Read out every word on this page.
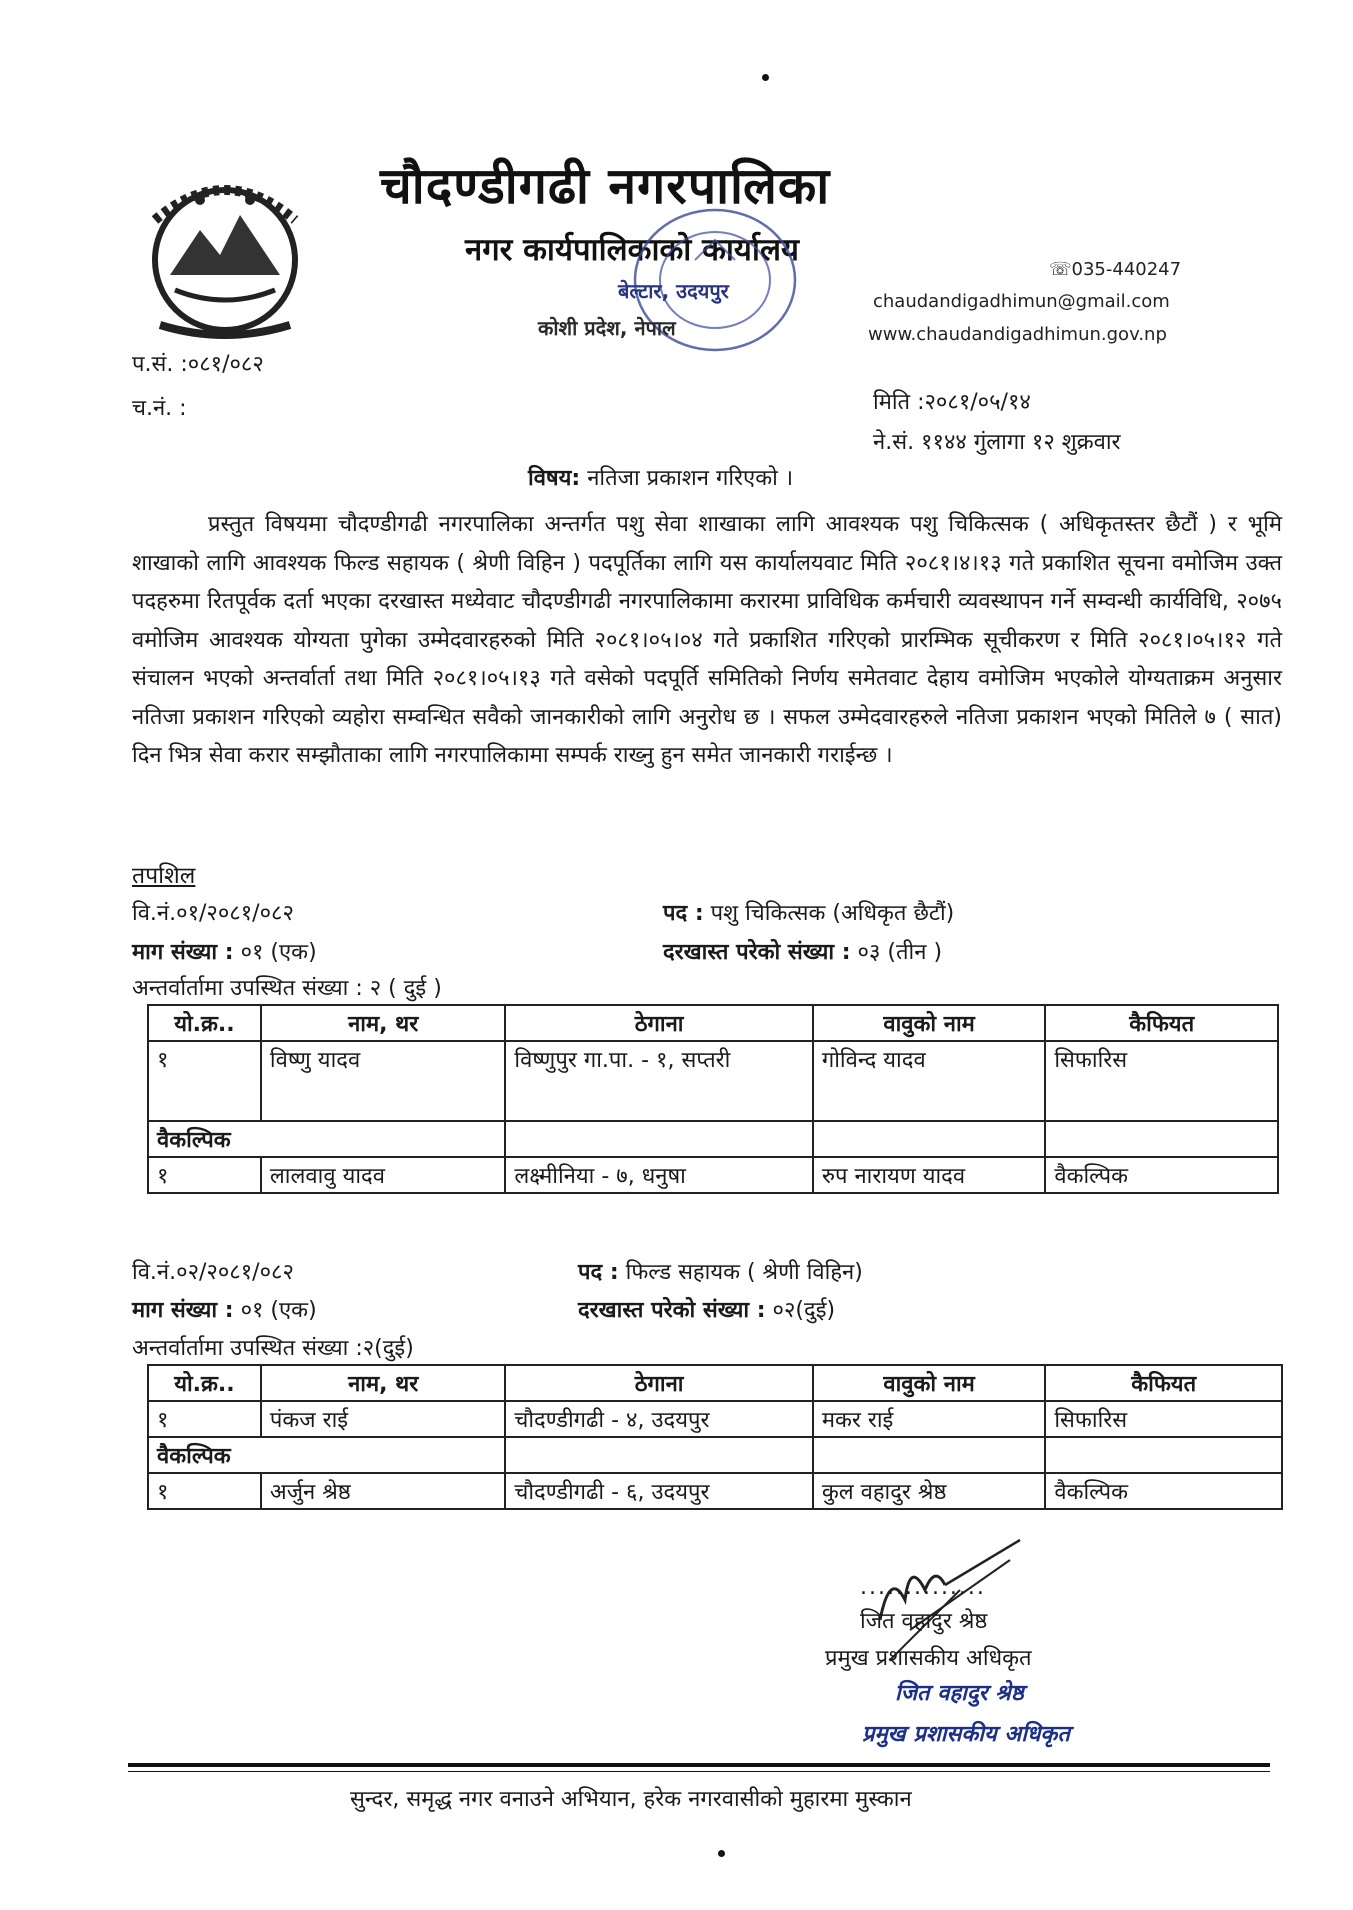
चौदण्डीगढी नगरपालिका
नगर कार्यपालिकाको कार्यालय
बेल्टार, उदयपुर
कोशी प्रदेश, नेपाल
☏035-440247
chaudandigadhimun@gmail.com
www.chaudandigadhimun.gov.np
प.सं. :०८१/०८२
च.नं. :	मिति :२०८१/०५/१४
ने.सं. ११४४ गुंलागा १२ शुक्रवार
विषय: नतिजा प्रकाशन गरिएको ।
प्रस्तुत विषयमा चौदण्डीगढी नगरपालिका अन्तर्गत पशु सेवा शाखाका लागि आवश्यक पशु चिकित्सक ( अधिकृतस्तर छैटौं ) र भूमि शाखाको लागि आवश्यक फिल्ड सहायक ( श्रेणी विहिन ) पदपूर्तिका लागि यस कार्यालयवाट मिति २०८१।४।१३ गते प्रकाशित सूचना वमोजिम उक्त पदहरुमा रितपूर्वक दर्ता भएका दरखास्त मध्येवाट चौदण्डीगढी नगरपालिकामा करारमा प्राविधिक कर्मचारी व्यवस्थापन गर्ने सम्वन्धी कार्यविधि, २०७५ वमोजिम आवश्यक योग्यता पुगेका उम्मेदवारहरुको मिति २०८१।०५।०४ गते प्रकाशित गरिएको प्रारम्भिक सूचीकरण र मिति २०८१।०५।१२ गते संचालन भएको अन्तर्वार्ता तथा मिति २०८१।०५।१३ गते वसेको पदपूर्ति समितिको निर्णय समेतवाट देहाय वमोजिम भएकोले योग्यताक्रम अनुसार नतिजा प्रकाशन गरिएको व्यहोरा सम्वन्धित सवैको जानकारीको लागि अनुरोध छ । सफल उम्मेदवारहरुले नतिजा प्रकाशन भएको मितिले ७ ( सात) दिन भित्र सेवा करार सम्झौताका लागि नगरपालिकामा सम्पर्क राख्नु हुन समेत जानकारी गराईन्छ ।
तपशिल
वि.नं.०१/२०८१/०८२	पद : पशु चिकित्सक (अधिकृत छैटौं)
माग संख्या : ०१ (एक)	दरखास्त परेको संख्या : ०३ (तीन )
अन्तर्वार्तामा उपस्थित संख्या : २ ( दुई )
यो.क्र..	नाम, थर	ठेगाना	वावुको नाम	कैफियत
१	विष्णु यादव	विष्णुपुर गा.पा. - १, सप्तरी	गोविन्द यादव	सिफारिस
वैकल्पिक				
१	लालवावु यादव	लक्ष्मीनिया - ७, धनुषा	रुप नारायण यादव	वैकल्पिक
वि.नं.०२/२०८१/०८२	पद : फिल्ड सहायक ( श्रेणी विहिन)
माग संख्या : ०१ (एक)	दरखास्त परेको संख्या : ०२(दुई)
अन्तर्वार्तामा उपस्थित संख्या :२(दुई)
यो.क्र..	नाम, थर	ठेगाना	वावुको नाम	कैफियत
१	पंकज राई	चौदण्डीगढी - ४, उदयपुर	मकर राई	सिफारिस
वैकल्पिक				
१	अर्जुन श्रेष्ठ	चौदण्डीगढी - ६, उदयपुर	कुल वहादुर श्रेष्ठ	वैकल्पिक
..............
जित वहादुर श्रेष्ठ
प्रमुख प्रशासकीय अधिकृत
जित वहादुर श्रेष्ठ
प्रमुख प्रशासकीय अधिकृत
सुन्दर, समृद्ध नगर वनाउने अभियान, हरेक नगरवासीको मुहारमा मुस्कान
